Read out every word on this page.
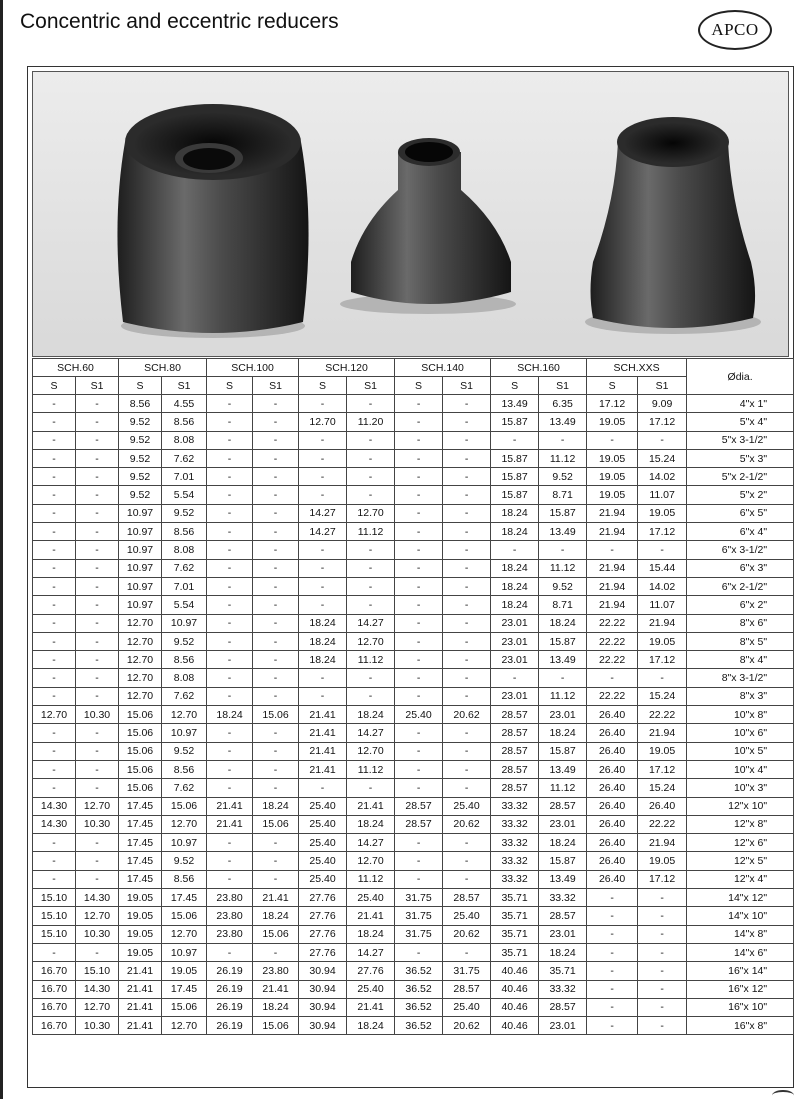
Concentric and eccentric reducers	APCO
SCH.60		SCH.80		SCH.100		SCH.120		SCH.140		SCH.160		SCH.XXS		Ødia.
S	S1	S	S1	S	S1	S	S1	S	S1	S	S1	S	S1	
-	-	8.56	4.55	-	-	-	-	-	-	13.49	6.35	17.12	9.09	4"x 1"
-	-	9.52	8.56	-	-	12.70	11.20	-	-	15.87	13.49	19.05	17.12	5"x 4"
-	-	9.52	8.08	-	-	-	-	-	-	-	-	-	-	5"x 3-1/2"
-	-	9.52	7.62	-	-	-	-	-	-	15.87	11.12	19.05	15.24	5"x 3"
-	-	9.52	7.01	-	-	-	-	-	-	15.87	9.52	19.05	14.02	5"x 2-1/2"
-	-	9.52	5.54	-	-	-	-	-	-	15.87	8.71	19.05	11.07	5"x 2"
-	-	10.97	9.52	-	-	14.27	12.70	-	-	18.24	15.87	21.94	19.05	6"x 5"
-	-	10.97	8.56	-	-	14.27	11.12	-	-	18.24	13.49	21.94	17.12	6"x 4"
-	-	10.97	8.08	-	-	-	-	-	-	-	-	-	-	6"x 3-1/2"
-	-	10.97	7.62	-	-	-	-	-	-	18.24	11.12	21.94	15.44	6"x 3"
-	-	10.97	7.01	-	-	-	-	-	-	18.24	9.52	21.94	14.02	6"x 2-1/2"
-	-	10.97	5.54	-	-	-	-	-	-	18.24	8.71	21.94	11.07	6"x 2"
-	-	12.70	10.97	-	-	18.24	14.27	-	-	23.01	18.24	22.22	21.94	8"x 6"
-	-	12.70	9.52	-	-	18.24	12.70	-	-	23.01	15.87	22.22	19.05	8"x 5"
-	-	12.70	8.56	-	-	18.24	11.12	-	-	23.01	13.49	22.22	17.12	8"x 4"
-	-	12.70	8.08	-	-	-	-	-	-	-	-	-	-	8"x 3-1/2"
-	-	12.70	7.62	-	-	-	-	-	-	23.01	11.12	22.22	15.24	8"x 3"
12.70	10.30	15.06	12.70	18.24	15.06	21.41	18.24	25.40	20.62	28.57	23.01	26.40	22.22	10"x 8"
-	-	15.06	10.97	-	-	21.41	14.27	-	-	28.57	18.24	26.40	21.94	10"x 6"
-	-	15.06	9.52	-	-	21.41	12.70	-	-	28.57	15.87	26.40	19.05	10"x 5"
-	-	15.06	8.56	-	-	21.41	11.12	-	-	28.57	13.49	26.40	17.12	10"x 4"
-	-	15.06	7.62	-	-	-	-	-	-	28.57	11.12	26.40	15.24	10"x 3"
14.30	12.70	17.45	15.06	21.41	18.24	25.40	21.41	28.57	25.40	33.32	28.57	26.40	26.40	12"x 10"
14.30	10.30	17.45	12.70	21.41	15.06	25.40	18.24	28.57	20.62	33.32	23.01	26.40	22.22	12"x 8"
-	-	17.45	10.97	-	-	25.40	14.27	-	-	33.32	18.24	26.40	21.94	12"x 6"
-	-	17.45	9.52	-	-	25.40	12.70	-	-	33.32	15.87	26.40	19.05	12"x 5"
-	-	17.45	8.56	-	-	25.40	11.12	-	-	33.32	13.49	26.40	17.12	12"x 4"
15.10	14.30	19.05	17.45	23.80	21.41	27.76	25.40	31.75	28.57	35.71	33.32	-	-	14"x 12"
15.10	12.70	19.05	15.06	23.80	18.24	27.76	21.41	31.75	25.40	35.71	28.57	-	-	14"x 10"
15.10	10.30	19.05	12.70	23.80	15.06	27.76	18.24	31.75	20.62	35.71	23.01	-	-	14"x 8"
-	-	19.05	10.97	-	-	27.76	14.27	-	-	35.71	18.24	-	-	14"x 6"
16.70	15.10	21.41	19.05	26.19	23.80	30.94	27.76	36.52	31.75	40.46	35.71	-	-	16"x 14"
16.70	14.30	21.41	17.45	26.19	21.41	30.94	25.40	36.52	28.57	40.46	33.32	-	-	16"x 12"
16.70	12.70	21.41	15.06	26.19	18.24	30.94	21.41	36.52	25.40	40.46	28.57	-	-	16"x 10"
16.70	10.30	21.41	12.70	26.19	15.06	30.94	18.24	36.52	20.62	40.46	23.01	-	-	16"x 8"
